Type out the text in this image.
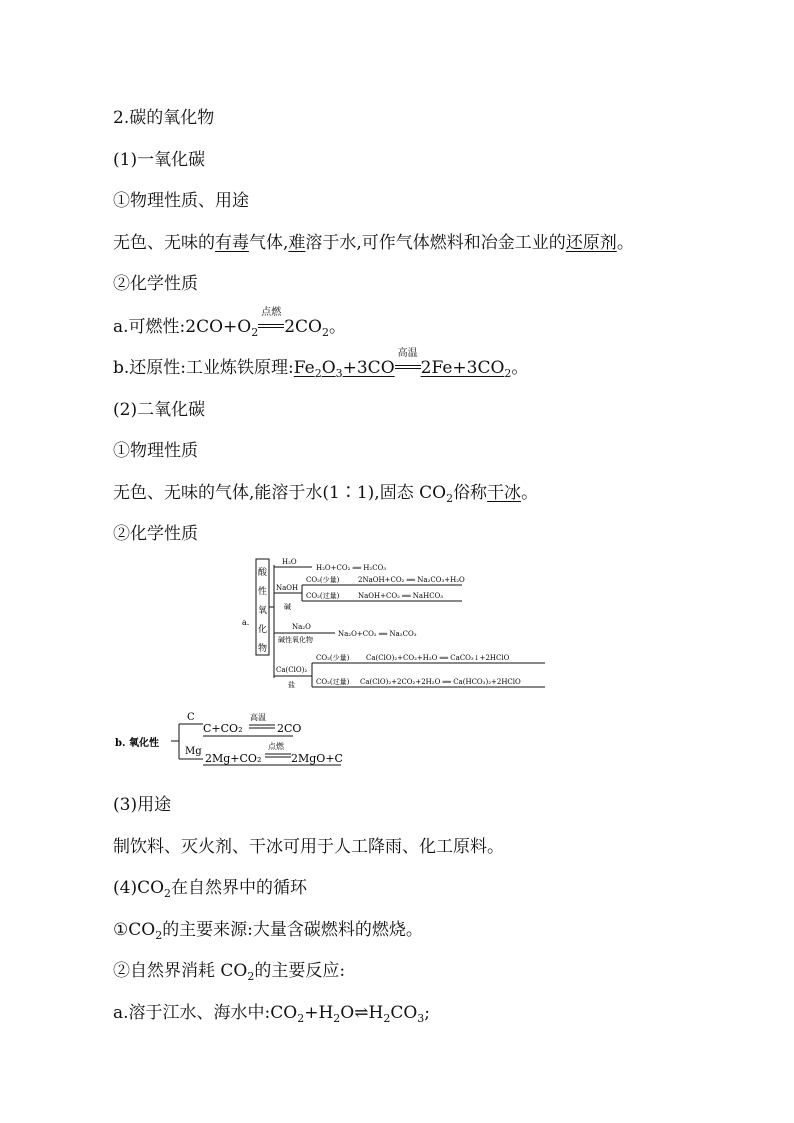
2.碳的氧化物
(1)一氧化碳
①物理性质、用途
无色、无味的有毒气体,难溶于水,可作气体燃料和冶金工业的还原剂。
②化学性质
a.可燃性$:2CO+O_2$
点燃
$2CO_2$。
b.还原性:工业炼铁原理$:Fe_2O_3+3CO$
高温
$2Fe+3CO_2$。
(2)二氧化碳
①物理性质
无色、无味的气体,能溶于水(1∶1),固态 $CO_2$俗称干冰。
②化学性质
a.
酸
性
氧
化
物
H₂O
H₂O+CO₂ ══ H₂CO₃
NaOH
碱
CO₂(少量)
CO₂(过量)
2NaOH+CO₂ ══ Na₂CO₃+H₂O
NaOH+CO₂ ══ NaHCO₃
Na₂O
碱性氧化物
Na₂O+CO₂ ══ Na₂CO₃
Ca(ClO)₂
盐
CO₂(少量)
CO₂(过量)
Ca(ClO)₂+CO₂+H₂O ══ CaCO₃↓+2HClO
Ca(ClO)₂+2CO₂+2H₂O ══ Ca(HCO₃)₂+2HClO
b. 氧化性
C
C+CO₂
高温
2CO
Mg
2Mg+CO₂
点燃
2MgO+C
(3)用途
制饮料、灭火剂、干冰可用于人工降雨、化工原料。
$(4)CO_2$在自然界中的循环
$①CO_2$的主要来源:大量含碳燃料的燃烧。
②自然界消耗 $CO_2$的主要反应:
a.溶于江水、海水中$:CO_2+H_2O\rightleftharpoons H_2CO_3$;
